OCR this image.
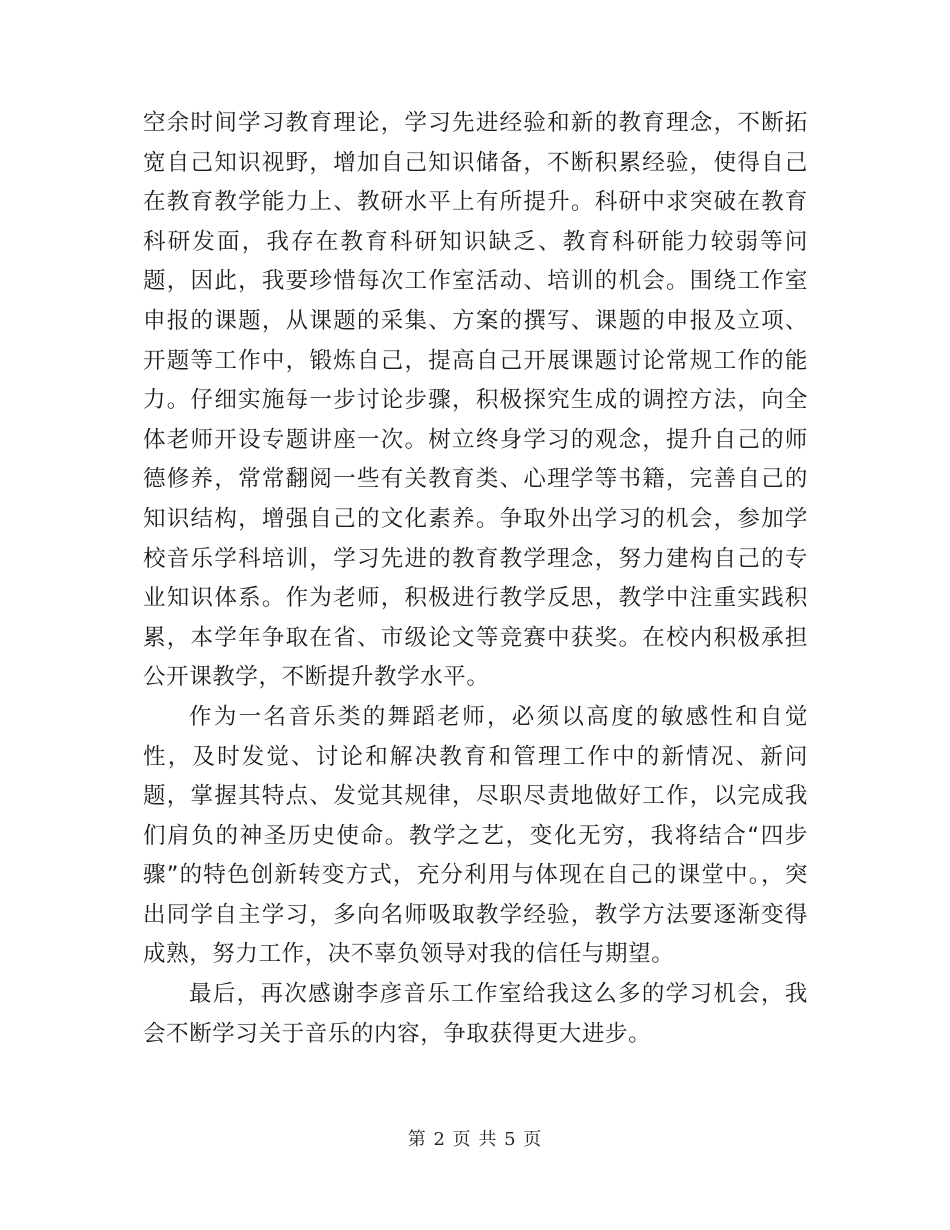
空余时间学习教育理论，学习先进经验和新的教育理念，不断拓宽自己知识视野，增加自己知识储备，不断积累经验，使得自己在教育教学能力上、教研水平上有所提升。科研中求突破在教育科研发面，我存在教育科研知识缺乏、教育科研能力较弱等问题，因此，我要珍惜每次工作室活动、培训的机会。围绕工作室申报的课题，从课题的采集、方案的撰写、课题的申报及立项、开题等工作中，锻炼自己，提高自己开展课题讨论常规工作的能力。仔细实施每一步讨论步骤，积极探究生成的调控方法，向全体老师开设专题讲座一次。树立终身学习的观念，提升自己的师德修养，常常翻阅一些有关教育类、心理学等书籍，完善自己的知识结构，增强自己的文化素养。争取外出学习的机会，参加学校音乐学科培训，学习先进的教育教学理念，努力建构自己的专业知识体系。作为老师，积极进行教学反思，教学中注重实践积累，本学年争取在省、市级论文等竞赛中获奖。在校内积极承担公开课教学，不断提升教学水平。

作为一名音乐类的舞蹈老师，必须以高度的敏感性和自觉性，及时发觉、讨论和解决教育和管理工作中的新情况、新问题，掌握其特点、发觉其规律，尽职尽责地做好工作，以完成我们肩负的神圣历史使命。教学之艺，变化无穷，我将结合“四步骤”的特色创新转变方式，充分利用与体现在自己的课堂中。，突出同学自主学习，多向名师吸取教学经验，教学方法要逐渐变得成熟，努力工作，决不辜负领导对我的信任与期望。

最后，再次感谢李彦音乐工作室给我这么多的学习机会，我会不断学习关于音乐的内容，争取获得更大进步。

第 2 页 共 5 页
